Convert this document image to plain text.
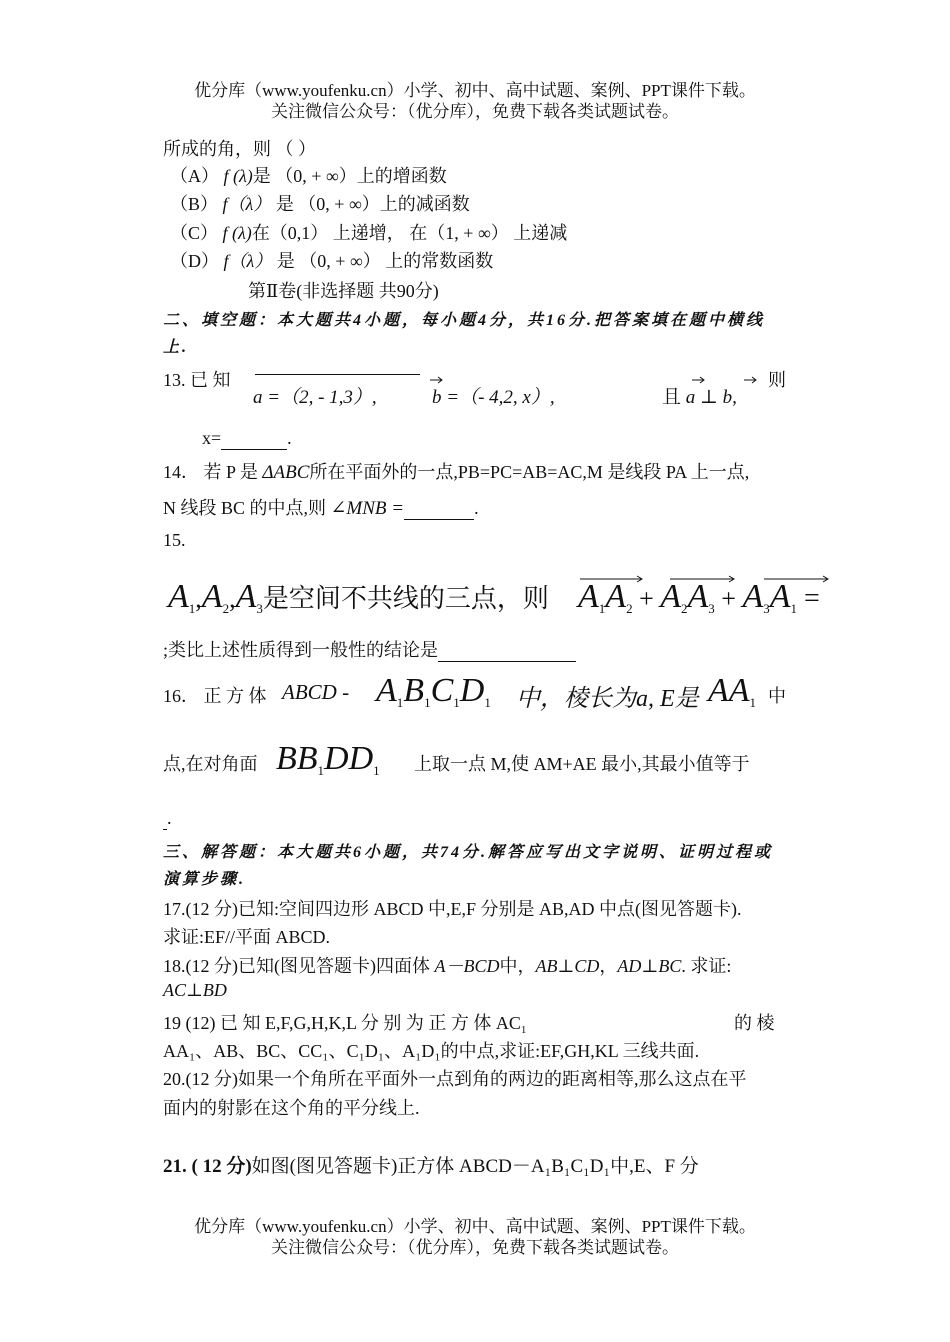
优分库（www.youfenku.cn）小学、初中、高中试题、案例、PPT课件下载。
关注微信公众号：（优分库），免费下载各类试题试卷。
所成的角，则 （ ）
（A） f (λ)是 （0, + ∞）上的增函数
（B） f（λ） 是 （0, + ∞）上的减函数
（C） f (λ)在（0,1） 上递增， 在（1, + ∞） 上递减
（D） f（λ） 是 （0, + ∞） 上的常数函数
第Ⅱ卷(非选择题 共90分)
二、填空题：本大题共4小题，每小题4分，共16分.把答案填在题中横线
上.
13. 已 知
a =（2, - 1,3）,	b =（- 4,2, x）,	且 a ⊥ b,
则
x=	.
14． 若 P 是 ΔABC所在平面外的一点,PB=PC=AB=AC,M 是线段 PA 上一点,
N 线段 BC 的中点,则 ∠MNB =	.
15.
A1,A2,A3是空间不共线的三点，则 $A_1A_2 + A_2A_3 + A_3A_1$ =
;类比上述性质得到一般性的结论是
16． 正 方 体 ABCD - $A_1B_1C_1D_1$ 中，棱长为a, E是 $AA_1$ 中
点,在对角面 $BB_1DD_1$ 上取一点 M,使 AM+AE 最小,其最小值等于
.
三、解答题：本大题共6小题，共74分.解答应写出文字说明、证明过程或
演算步骤.
17.(12 分)已知:空间四边形 ABCD 中,E,F 分别是 AB,AD 中点(图见答题卡).
求证:EF//平面 ABCD.
18.(12 分)已知(图见答题卡)四面体 A－BCD中，AB⊥CD，AD⊥BC. 求证:
AC⊥BD
19 (12) 已 知 E,F,G,H,K,L 分 别 为 正 方 体 $AC_1$	的 棱
AA₁、AB、BC、CC₁、C₁D₁、A₁D₁的中点,求证:EF,GH,KL 三线共面.
20.(12 分)如果一个角所在平面外一点到角的两边的距离相等,那么这点在平
面内的射影在这个角的平分线上.
21. ( 12 分)如图(图见答题卡)正方体 ABCD－A₁B₁C₁D₁中,E、F 分
优分库（www.youfenku.cn）小学、初中、高中试题、案例、PPT课件下载。
关注微信公众号：（优分库），免费下载各类试题试卷。
